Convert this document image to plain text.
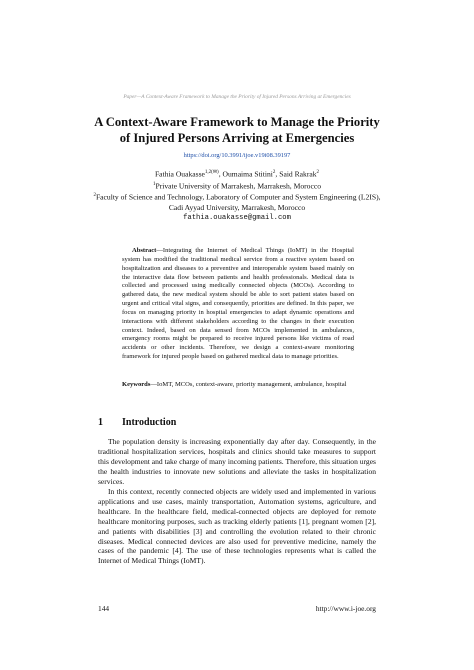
Paper—A Context-Aware Framework to Manage the Priority of Injured Persons Arriving at Emergencies
A Context-Aware Framework to Manage the Priority
of Injured Persons Arriving at Emergencies
https://doi.org/10.3991/ijoe.v19i08.39197
Fathia Ouakasse$^{1,2(✉)}$, Oumaima Stitini$^2$, Said Rakrak$^2$
$^1$Private University of Marrakesh, Marrakesh, Morocco
$^2$Faculty of Science and Technology, Laboratory of Computer and System Engineering (L2IS),
Cadi Ayyad University, Marrakesh, Morocco
fathia.ouakasse@gmail.com

Abstract—Integrating the Internet of Medical Things (IoMT) in the Hospital system has modified the traditional medical service from a reactive system based on hospitalization and diseases to a preventive and interoperable system based mainly on the interactive data flow between patients and health professionals. Medical data is collected and processed using medically connected objects (MCOs). According to gathered data, the new medical system should be able to sort patient states based on urgent and critical vital signs, and consequently, priorities are defined. In this paper, we focus on managing priority in hospital emergencies to adapt dynamic operations and interactions with different stakeholders according to the changes in their execution context. Indeed, based on data sensed from MCOs implemented in ambulances, emergency rooms might be prepared to receive injured persons like victims of road accidents or other incidents. Therefore, we design a context-aware monitoring framework for injured people based on gathered medical data to manage priorities.

Keywords—IoMT, MCOs, context-aware, priority management, ambulance, hospital

1 Introduction

The population density is increasing exponentially day after day. Consequently, in the traditional hospitalization services, hospitals and clinics should take measures to support this development and take charge of many incoming patients. Therefore, this situation urges the health industries to innovate new solutions and alleviate the tasks in hospitalization services.

In this context, recently connected objects are widely used and implemented in various applications and use cases, mainly transportation, Automation systems, agriculture, and healthcare. In the healthcare field, medical-connected objects are deployed for remote healthcare monitoring purposes, such as tracking elderly patients [1], pregnant women [2], and patients with disabilities [3] and controlling the evolution related to their chronic diseases. Medical connected devices are also used for preventive medicine, namely the cases of the pandemic [4]. The use of these technologies represents what is called the Internet of Medical Things (IoMT).

144	http://www.i-joe.org
